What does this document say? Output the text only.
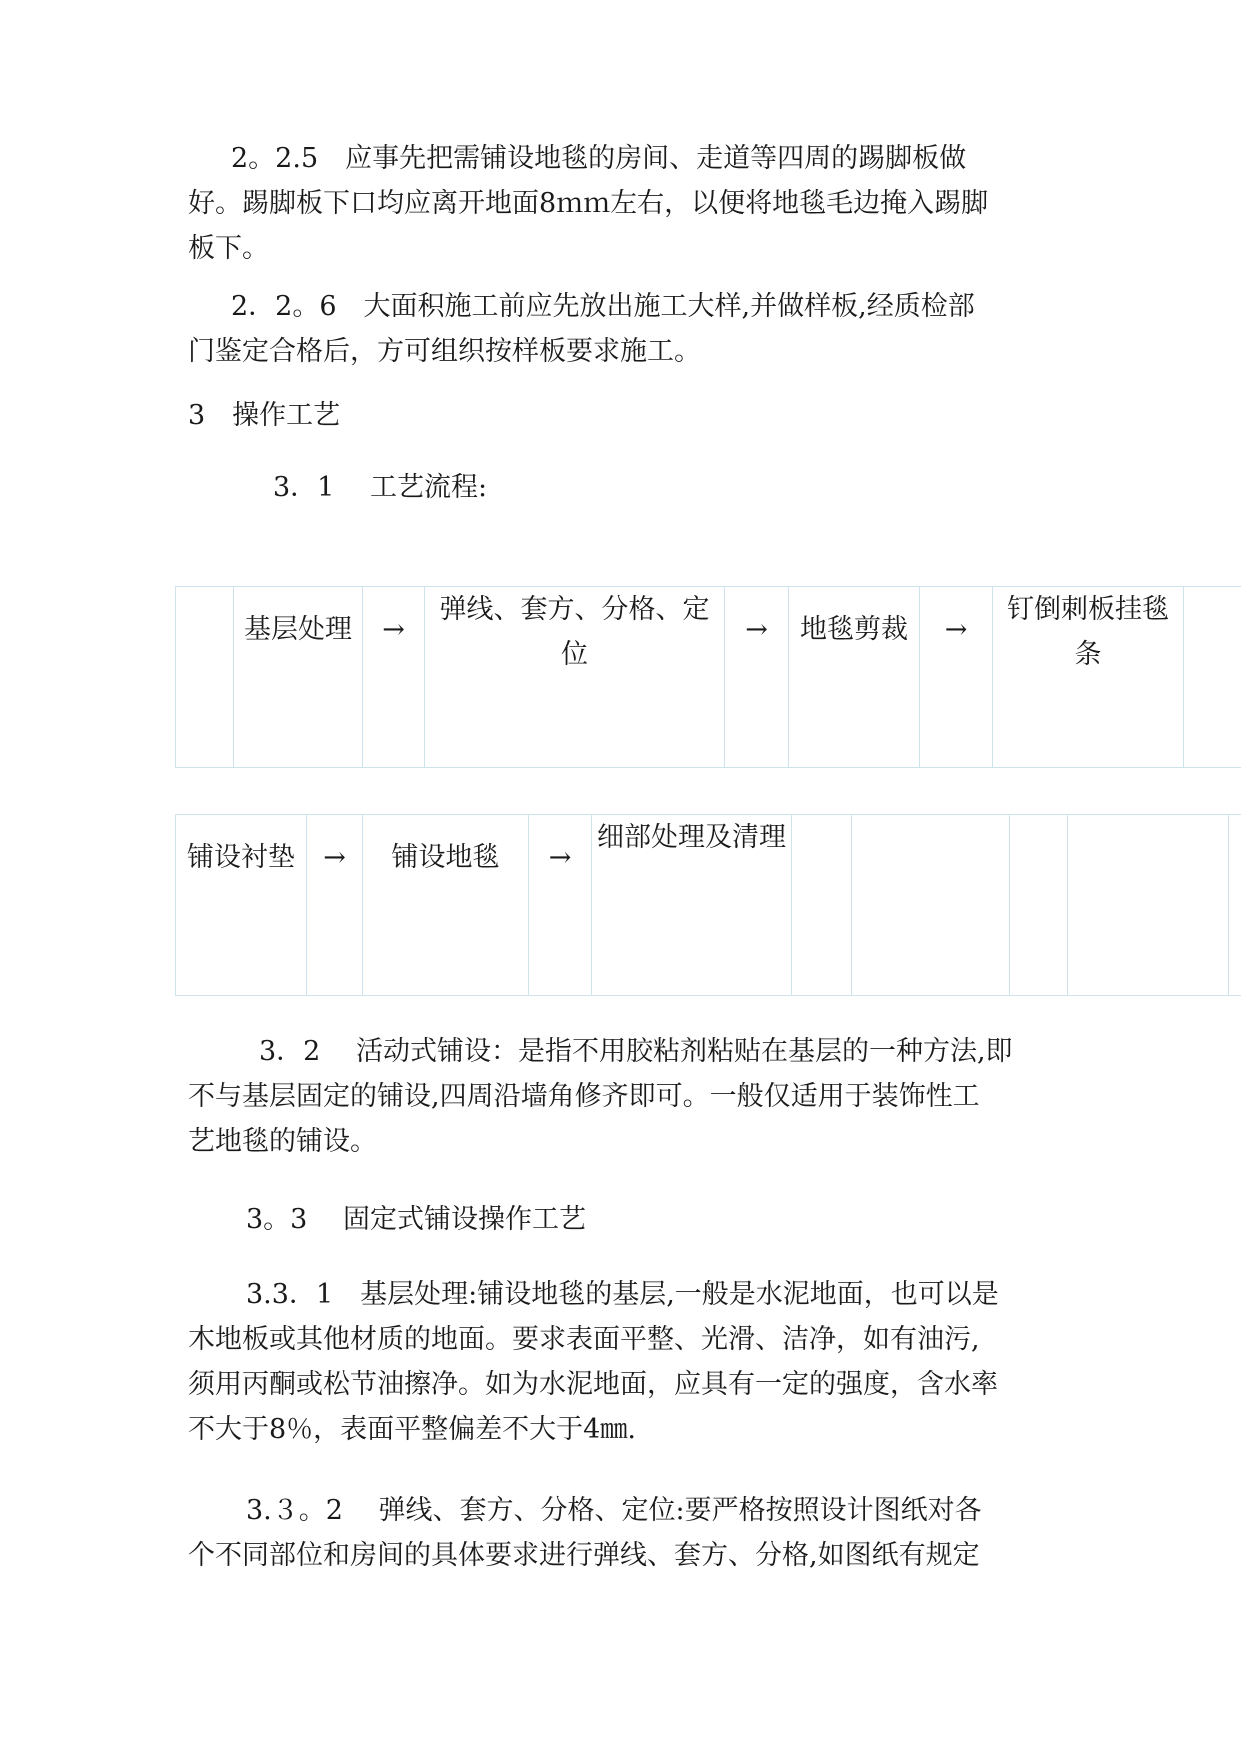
2。2.5　应事先把需铺设地毯的房间、走道等四周的踢脚板做
好。踢脚板下口均应离开地面8ｍｍ左右，以便将地毯毛边掩入踢脚
板下。
2．2。6　大面积施工前应先放出施工大样,并做样板,经质检部
门鉴定合格后，方可组织按样板要求施工。
3　操作工艺
3．1　 工艺流程:
	基层处理	→	弹线、套方、分格、定位	→	地毯剪裁	→	钉倒刺板挂毯条	
铺设衬垫	→	铺设地毯	→	细部处理及清理					
3．2　 活动式铺设：是指不用胶粘剂粘贴在基层的一种方法,即
不与基层固定的铺设,四周沿墙角修齐即可。一般仅适用于装饰性工
艺地毯的铺设。
3。3　 固定式铺设操作工艺
3.3．1　基层处理:铺设地毯的基层,一般是水泥地面，也可以是
木地板或其他材质的地面。要求表面平整、光滑、洁净，如有油污,
须用丙酮或松节油擦净。如为水泥地面，应具有一定的强度，含水率
不大于8％，表面平整偏差不大于4㎜.
3.３。2　 弹线、套方、分格、定位:要严格按照设计图纸对各
个不同部位和房间的具体要求进行弹线、套方、分格,如图纸有规定
